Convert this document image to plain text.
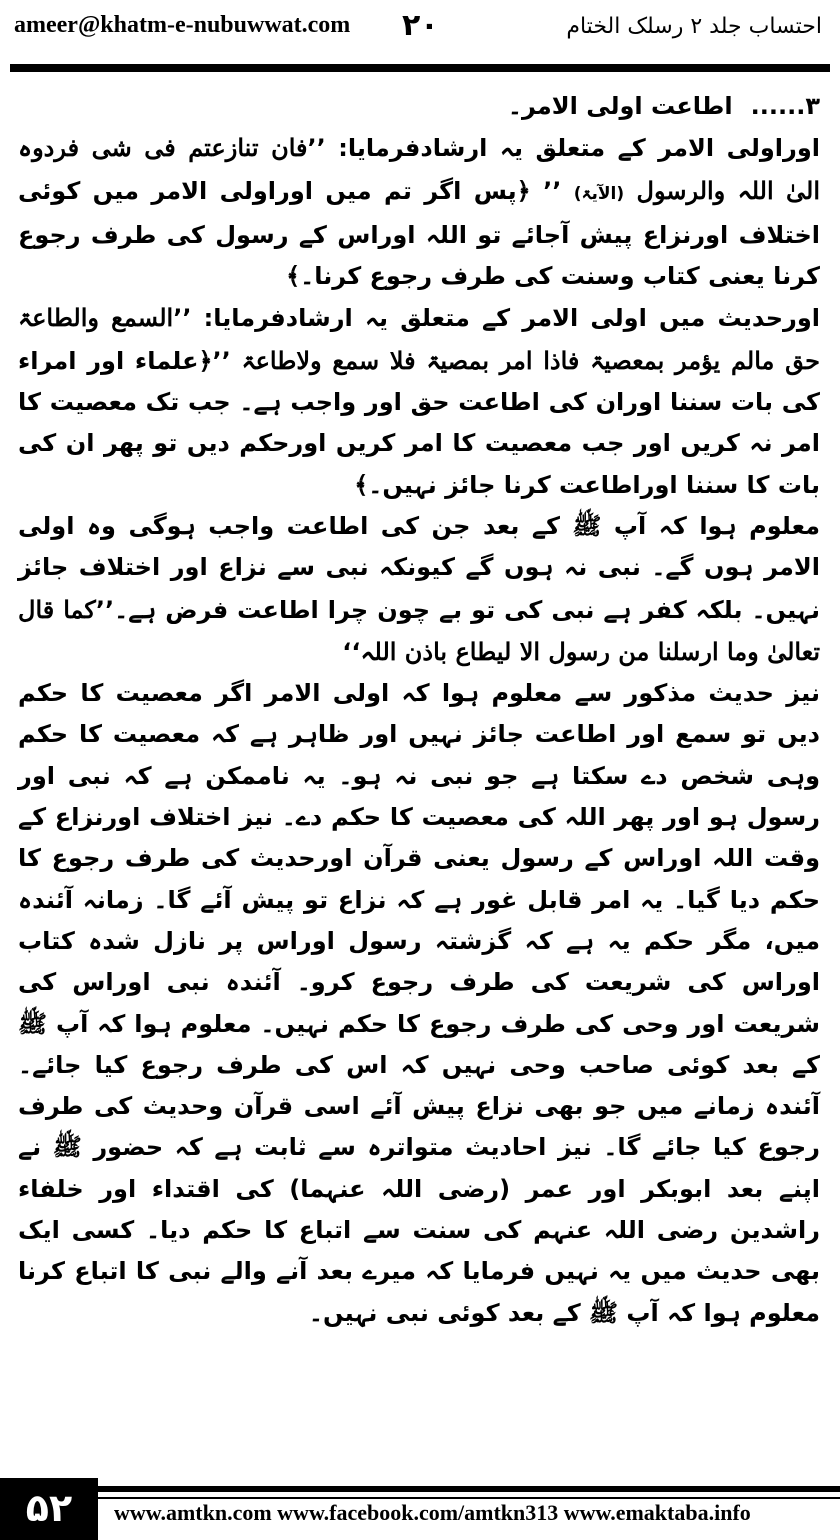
ameer@khatm-e-nubuwwat.com ۲۰	احتساب جلد ۲ رسلک الختام

۳......اطاعت اولی الامر۔

اوراولی الامر کے متعلق یہ ارشادفرمایا: ’’فان تنازعتم فی شی فردوہ الیٰ اللہ والرسول (الآیۃ) ’’ ﴿پس اگر تم میں اوراولی الامر میں کوئی اختلاف اورنزاع پیش آجائے تو اللہ اوراس کے رسول کی طرف رجوع کرنا یعنی کتاب وسنت کی طرف رجوع کرنا۔﴾

اورحدیث میں اولی الامر کے متعلق یہ ارشادفرمایا: ’’السمع والطاعۃ حق مالم یؤمر بمعصیۃ فاذا امر بمصیۃ فلا سمع ولاطاعۃ ’’﴿علماء اور امراء کی بات سننا اوران کی اطاعت حق اور واجب ہے۔ جب تک معصیت کا امر نہ کریں اور جب معصیت کا امر کریں اورحکم دیں تو پھر ان کی بات کا سننا اوراطاعت کرنا جائز نہیں۔﴾

معلوم ہوا کہ آپ ﷺ کے بعد جن کی اطاعت واجب ہوگی وہ اولی الامر ہوں گے۔ نبی نہ ہوں گے کیونکہ نبی سے نزاع اور اختلاف جائز نہیں۔ بلکہ کفر ہے نبی کی تو بے چون چرا اطاعت فرض ہے۔’’کما قال تعالیٰ وما ارسلنا من رسول الا لیطاع باذن اللہ‘‘

نیز حدیث مذکور سے معلوم ہوا کہ اولی الامر اگر معصیت کا حکم دیں تو سمع اور اطاعت جائز نہیں اور ظاہر ہے کہ معصیت کا حکم وہی شخص دے سکتا ہے جو نبی نہ ہو۔ یہ ناممکن ہے کہ نبی اور رسول ہو اور پھر اللہ کی معصیت کا حکم دے۔ نیز اختلاف اورنزاع کے وقت اللہ اوراس کے رسول یعنی قرآن اورحدیث کی طرف رجوع کا حکم دیا گیا۔ یہ امر قابل غور ہے کہ نزاع تو پیش آئے گا۔ زمانہ آئندہ میں، مگر حکم یہ ہے کہ گزشتہ رسول اوراس پر نازل شدہ کتاب اوراس کی شریعت کی طرف رجوع کرو۔ آئندہ نبی اوراس کی شریعت اور وحی کی طرف رجوع کا حکم نہیں۔ معلوم ہوا کہ آپ ﷺ کے بعد کوئی صاحب وحی نہیں کہ اس کی طرف رجوع کیا جائے۔ آئندہ زمانے میں جو بھی نزاع پیش آئے اسی قرآن وحدیث کی طرف رجوع کیا جائے گا۔ نیز احادیث متواترہ سے ثابت ہے کہ حضور ﷺ نے اپنے بعد ابوبکر اور عمر (رضی اللہ عنہما) کی اقتداء اور خلفاء راشدین رضی اللہ عنہم کی سنت سے اتباع کا حکم دیا۔ کسی ایک بھی حدیث میں یہ نہیں فرمایا کہ میرے بعد آنے والے نبی کا اتباع کرنا معلوم ہوا کہ آپ ﷺ کے بعد کوئی نبی نہیں۔

۵۲	www.amtkn.com www.facebook.com/amtkn313 www.emaktaba.info
